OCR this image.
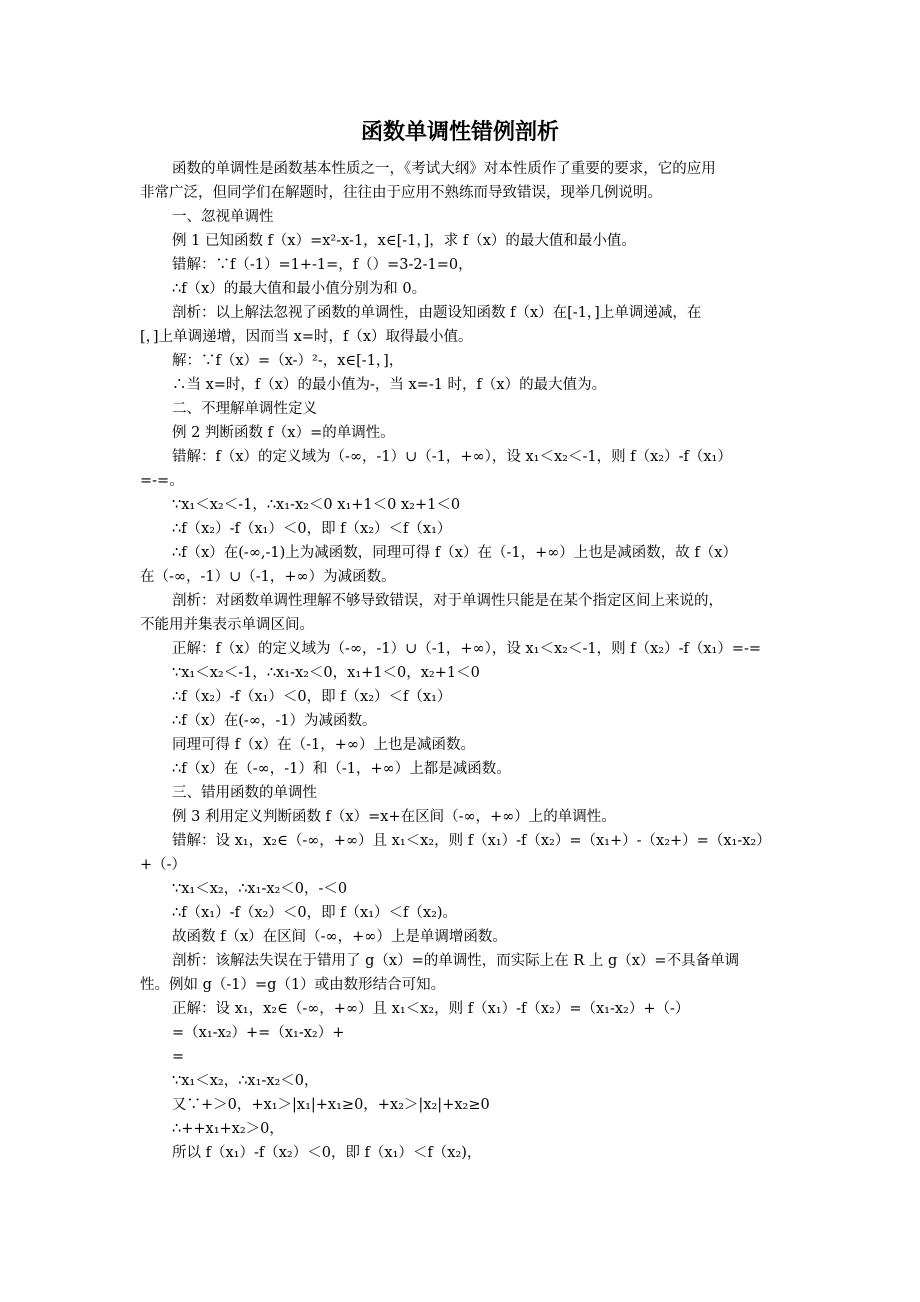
函数单调性错例剖析
函数的单调性是函数基本性质之一，《考试大纲》对本性质作了重要的要求，它的应用
非常广泛，但同学们在解题时，往往由于应用不熟练而导致错误，现举几例说明。
一、忽视单调性
例 1 已知函数 f（x）=x²-x-1，x∈[-1，]，求 f（x）的最大值和最小值。
错解：∵f（-1）=1+-1=，f（）=3-2-1=0，
∴f（x）的最大值和最小值分别为和 0。
剖析：以上解法忽视了函数的单调性，由题设知函数 f（x）在[-1，]上单调递减，在
[，]上单调递增，因而当 x=时，f（x）取得最小值。
解：∵f（x）=（x-）²-，x∈[-1，]，
∴当 x=时，f（x）的最小值为-，当 x=-1 时，f（x）的最大值为。
二、不理解单调性定义
例 2 判断函数 f（x）=的单调性。
错解：f（x）的定义域为（-∞，-1）∪（-1，+∞），设 x₁＜x₂＜-1，则 f（x₂）-f（x₁）
=-=。
∵x₁＜x₂＜-1，∴x₁-x₂＜0 x₁+1＜0 x₂+1＜0
∴f（x₂）-f（x₁）＜0，即 f（x₂）＜f（x₁）
∴f（x）在(-∞,-1)上为减函数，同理可得 f（x）在（-1，+∞）上也是减函数，故 f（x）
在（-∞，-1）∪（-1，+∞）为减函数。
剖析：对函数单调性理解不够导致错误，对于单调性只能是在某个指定区间上来说的，
不能用并集表示单调区间。
正解：f（x）的定义域为（-∞，-1）∪（-1，+∞），设 x₁＜x₂＜-1，则 f（x₂）-f（x₁）=-=
∵x₁＜x₂＜-1，∴x₁-x₂＜0，x₁+1＜0，x₂+1＜0
∴f（x₂）-f（x₁）＜0，即 f（x₂）＜f（x₁）
∴f（x）在(-∞，-1）为减函数。
同理可得 f（x）在（-1，+∞）上也是减函数。
∴f（x）在（-∞，-1）和（-1，+∞）上都是减函数。
三、错用函数的单调性
例 3 利用定义判断函数 f（x）=x+在区间（-∞，+∞）上的单调性。
错解：设 x₁，x₂∈（-∞，+∞）且 x₁＜x₂，则 f（x₁）-f（x₂）=（x₁+）-（x₂+）=（x₁-x₂）
+（-）
∵x₁＜x₂，∴x₁-x₂＜0，-＜0
∴f（x₁）-f（x₂）＜0，即 f（x₁）＜f（x₂)。
故函数 f（x）在区间（-∞，+∞）上是单调增函数。
剖析：该解法失误在于错用了 g（x）=的单调性，而实际上在 R 上 g（x）=不具备单调
性。例如 g（-1）=g（1）或由数形结合可知。
正解：设 x₁，x₂∈（-∞，+∞）且 x₁＜x₂，则 f（x₁）-f（x₂）=（x₁-x₂）+（-）
=（x₁-x₂）+=（x₁-x₂）+
=
∵x₁＜x₂，∴x₁-x₂＜0，
又∵+＞0，+x₁＞|x₁|+x₁≥0，+x₂＞|x₂|+x₂≥0
∴++x₁+x₂＞0，
所以 f（x₁）-f（x₂）＜0，即 f（x₁）＜f（x₂)，
